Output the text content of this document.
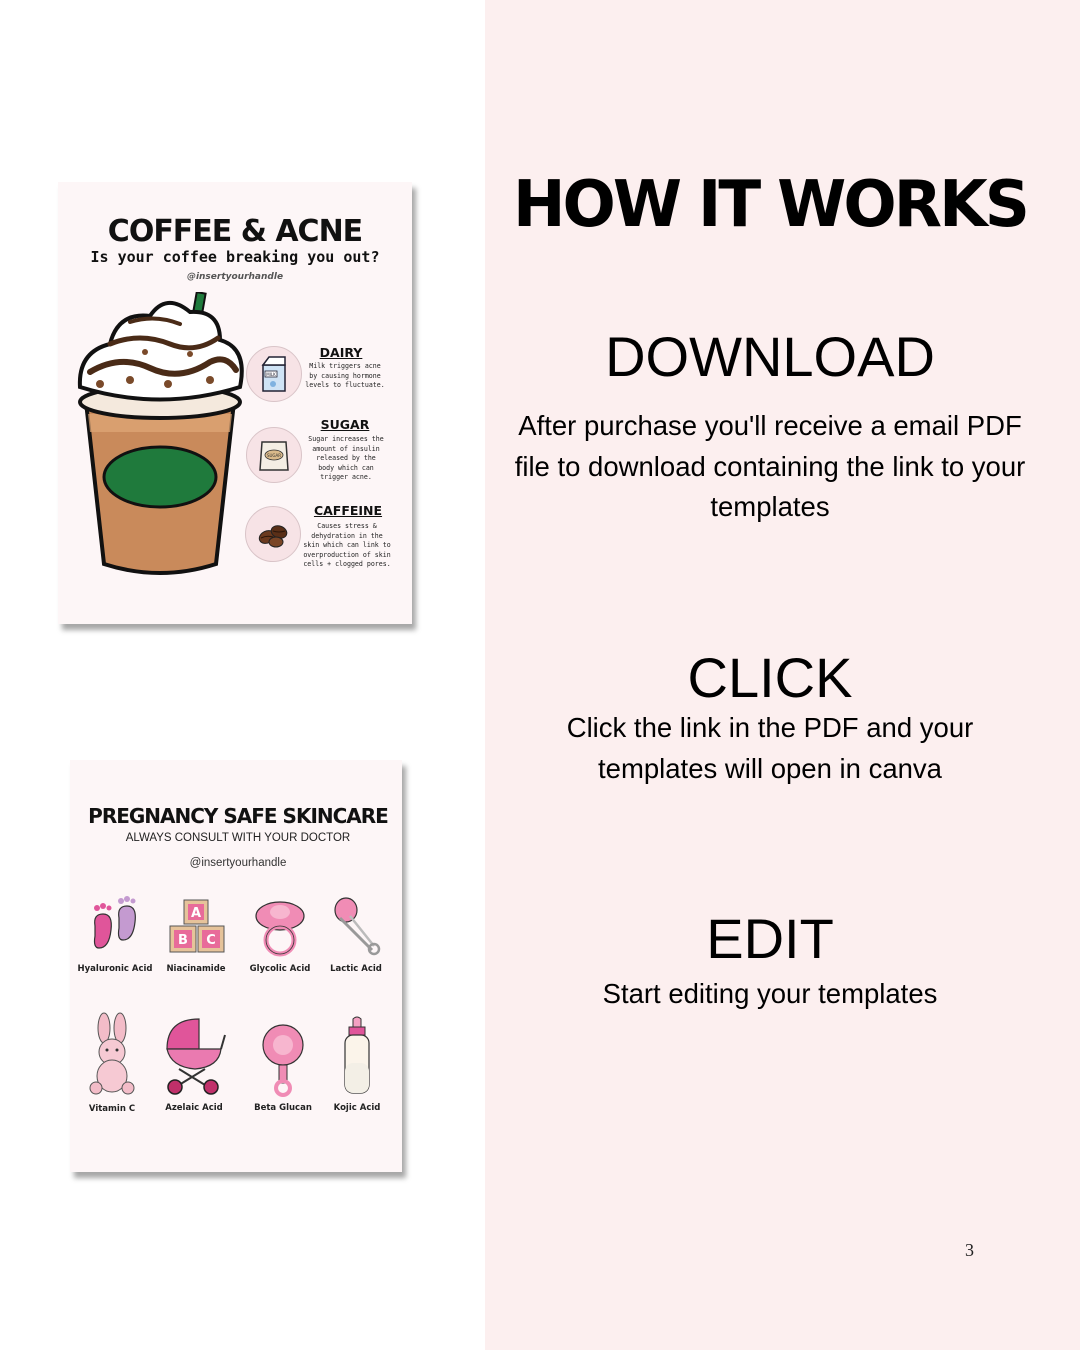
HOW IT WORKS
DOWNLOAD
After purchase you'll receive a email PDF
file to download containing the link to your
templates
CLICK
Click the link in the PDF and your
templates will open in canva
EDIT
Start editing your templates
3
COFFEE & ACNE
Is your coffee breaking you out?
@insertyourhandle
MILK
DAIRY
Milk triggers acne
by causing hormone
levels to fluctuate.
SUGAR
SUGAR
Sugar increases the
amount of insulin
released by the
body which can
trigger acne.
CAFFEINE
Causes stress &
dehydration in the
skin which can link to
overproduction of skin
cells + clogged pores.
PREGNANCY SAFE SKINCARE
ALWAYS CONSULT WITH YOUR DOCTOR
@insertyourhandle
Hyaluronic Acid
A
B C
Niacinamide	Glycolic Acid	Lactic Acid
Vitamin C	Azelaic Acid	Beta Glucan	Kojic Acid
